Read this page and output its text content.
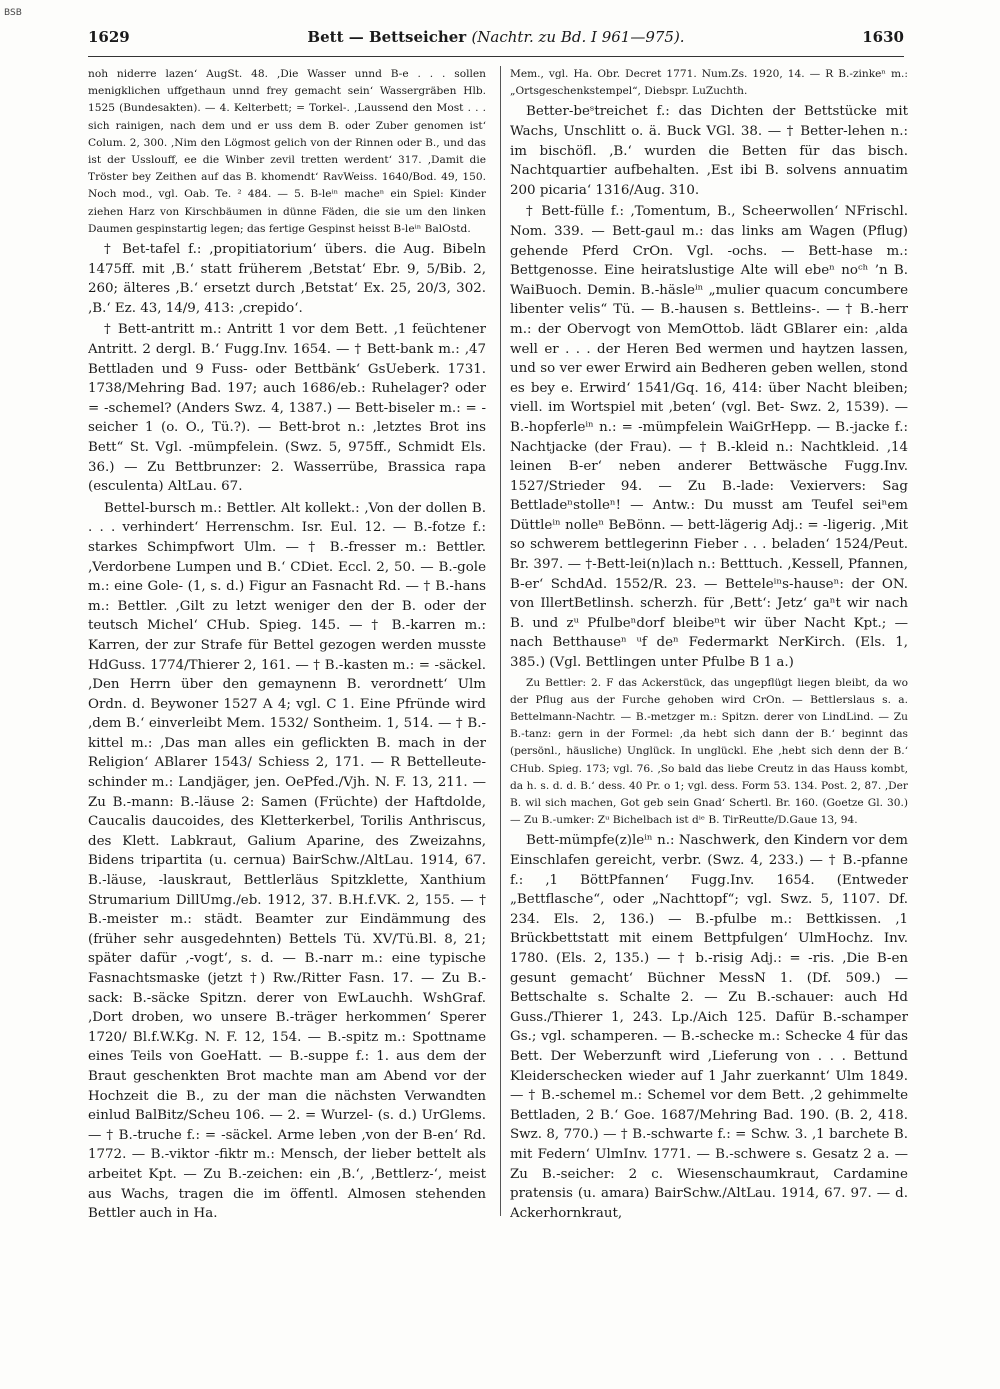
BSB
1629	Bett — Bettseicher (Nachtr. zu Bd. I 961—975).	1630

noh niderre lazen‘ AugSt. 48. ‚Die Wasser unnd B-e . . . sollen menigklichen uffgethaun unnd frey gemacht sein‘ Wassergräben Hlb. 1525 (Bundesakten). — 4. Kelterbett; = Torkel-. ‚Laussend den Most . . . sich rainigen, nach dem und er uss dem B. oder Zuber genomen ist‘ Colum. 2, 300. ‚Nim den Lögmost gelich von der Rinnen oder B., und das ist der Usslouff, ee die Winber zevil tretten werdent‘ 317. ‚Damit die Tröster bey Zeithen auf das B. khomendt‘ RavWeiss. 1640/Bod. 49, 150. Noch mod., vgl. Oab. Te. ² 484. — 5. B-leⁱⁿ macheⁿ ein Spiel: Kinder ziehen Harz von Kirschbäumen in dünne Fäden, die sie um den linken Daumen gespinstartig legen; das fertige Gespinst heisst B-leⁱⁿ BalOstd.

† Bet-tafel f.: ‚propitiatorium‘ übers. die Aug. Bibeln 1475ff. mit ‚B.‘ statt früherem ‚Betstat‘ Ebr. 9, 5/Bib. 2, 260; älteres ‚B.‘ ersetzt durch ‚Betstat‘ Ex. 25, 20/3, 302. ‚B.‘ Ez. 43, 14/9, 413: ‚crepido‘.

† Bett-antritt m.: Antritt 1 vor dem Bett. ‚1 feüchtener Antritt. 2 dergl. B.‘ Fugg.Inv. 1654. — † Bett-bank m.: ‚47 Bettladen und 9 Fuss- oder Bettbänk‘ GsUeberk. 1731. 1738/Mehring Bad. 197; auch 1686/eb.: Ruhelager? oder = -schemel? (Anders Swz. 4, 1387.) — Bett-biseler m.: = -seicher 1 (o. O., Tü.?). — Bett-brot n.: ‚letztes Brot ins Bett“ St. Vgl. -mümpfelein. (Swz. 5, 975ff., Schmidt Els. 36.) — Zu Bettbrunzer: 2. Wasserrübe, Brassica rapa (esculenta) AltLau. 67.

Bettel-bursch m.: Bettler. Alt kollekt.: ‚Von der dollen B. . . . verhindert‘ Herrenschm. Isr. Eul. 12. — B.-fotze f.: starkes Schimpfwort Ulm. — † B.-fresser m.: Bettler. ‚Verdorbene Lumpen und B.‘ CDiet. Eccl. 2, 50. — B.-gole m.: eine Gole- (1, s. d.) Figur an Fasnacht Rd. — † B.-hans m.: Bettler. ‚Gilt zu letzt weniger den der B. oder der teutsch Michel‘ CHub. Spieg. 145. — † B.-karren m.: Karren, der zur Strafe für Bettel gezogen werden musste HdGuss. 1774/Thierer 2, 161. — † B.-kasten m.: = -säckel. ‚Den Herrn über den gemaynenn B. verordnett‘ Ulm Ordn. d. Beywoner 1527 A 4; vgl. C 1. Eine Pfründe wird ‚dem B.‘ einverleibt Mem. 1532/ Sontheim. 1, 514. — † B.-kittel m.: ‚Das man alles ein geflickten B. mach in der Religion‘ ABlarer 1543/ Schiess 2, 171. — R Bettelleute-schinder m.: Landjäger, jen. OePfed./Vjh. N. F. 13, 211. — Zu B.-mann: B.-läuse 2: Samen (Früchte) der Haftdolde, Caucalis daucoides, des Kletterkerbel, Torilis Anthriscus, des Klett. Labkraut, Galium Aparine, des Zweizahns, Bidens tripartita (u. cernua) BairSchw./AltLau. 1914, 67. B.-läuse, -lauskraut, Bettlerläus Spitzklette, Xanthium Strumarium DillUmg./eb. 1912, 37. B.H.f.VK. 2, 155. — † B.-meister m.: städt. Beamter zur Eindämmung des (früher sehr ausgedehnten) Bettels Tü. XV/Tü.Bl. 8, 21; später dafür ‚-vogt‘, s. d. — B.-narr m.: eine typische Fasnachtsmaske (jetzt †) Rw./Ritter Fasn. 17. — Zu B.-sack: B.-säcke Spitzn. derer von EwLauchh. WshGraf. ‚Dort droben, wo unsere B.-träger herkommen‘ Sperer 1720/ Bl.f.W.Kg. N. F. 12, 154. — B.-spitz m.: Spottname eines Teils von GoeHatt. — B.-suppe f.: 1. aus dem der Braut geschenkten Brot machte man am Abend vor der Hochzeit die B., zu der man die nächsten Verwandten einlud BalBitz/Scheu 106. — 2. = Wurzel- (s. d.) UrGlems. — † B.-truche f.: = -säckel. Arme leben ‚von der B-en‘ Rd. 1772. — B.-viktor -fiktr m.: Mensch, der lieber bettelt als arbeitet Kpt. — Zu B.-zeichen: ein ‚B.‘, ‚Bettlerz-‘, meist aus Wachs, tragen die im öffentl. Almosen stehenden Bettler auch in Ha.

Mem., vgl. Ha. Obr. Decret 1771. Num.Zs. 1920, 14. — R B.-zinkeⁿ m.: „Ortsgeschenkstempel“, Diebspr. LuZuchth.

Better-beˢtreichet f.: das Dichten der Bettstücke mit Wachs, Unschlitt o. ä. Buck VGl. 38. — † Better-lehen n.: im bischöfl. ‚B.‘ wurden die Betten für das bisch. Nachtquartier aufbehalten. ‚Est ibi B. solvens annuatim 200 picaria‘ 1316/Aug. 310.

† Bett-fülle f.: ‚Tomentum, B., Scheerwollen‘ NFrischl. Nom. 339. — Bett-gaul m.: das links am Wagen (Pflug) gehende Pferd CrOn. Vgl. -ochs. — Bett-hase m.: Bettgenosse. Eine heiratslustige Alte will ebeⁿ noᶜʰ ’n B. WaiBuoch. Demin. B.-häsleⁱⁿ „mulier quacum concumbere libenter velis“ Tü. — B.-hausen s. Bettleins-. — † B.-herr m.: der Obervogt von MemOttob. lädt GBlarer ein: ‚alda well er . . . der Heren Bed wermen und haytzen lassen, und so ver ewer Erwird ain Bedheren geben wellen, stond es bey e. Erwird‘ 1541/Gq. 16, 414: über Nacht bleiben; viell. im Wortspiel mit ‚beten‘ (vgl. Bet- Swz. 2, 1539). — B.-hopferleⁱⁿ n.: = -mümpfelein WaiGrHepp. — B.-jacke f.: Nachtjacke (der Frau). — † B.-kleid n.: Nachtkleid. ‚14 leinen B-er‘ neben anderer Bettwäsche Fugg.Inv. 1527/Strieder 94. — Zu B.-lade: Vexiervers: Sag Bettladeⁿstolleⁿ! — Antw.: Du musst am Teufel seiⁿem Düttleⁱⁿ nolleⁿ BeBönn. — bett-lägerig Adj.: = -ligerig. ‚Mit so schwerem bettlegerinn Fieber . . . beladen‘ 1524/Peut. Br. 397. — †-Bett-lei(n)lach n.: Betttuch. ‚Kessell, Pfannen, B-er‘ SchdAd. 1552/R. 23. — Betteleⁱⁿs-hauseⁿ: der ON. von IllertBetlinsh. scherzh. für ‚Bett‘: Jetz‘ gaⁿt wir nach B. und zᵘ Pfulbeⁿdorf bleibeⁿt wir über Nacht Kpt.; — nach Betthauseⁿ ᵘf deⁿ Federmarkt NerKirch. (Els. 1, 385.) (Vgl. Bettlingen unter Pfulbe B 1 a.)

Zu Bettler: 2. F das Ackerstück, das ungepflügt liegen bleibt, da wo der Pflug aus der Furche gehoben wird CrOn. — Bettlerslaus s. a. Bettelmann-Nachtr. — B.-metzger m.: Spitzn. derer von LindLind. — Zu B.-tanz: gern in der Formel: ‚da hebt sich dann der B.‘ beginnt das (persönl., häusliche) Unglück. In unglückl. Ehe ‚hebt sich denn der B.‘ CHub. Spieg. 173; vgl. 76. ‚So bald das liebe Creutz in das Hauss kombt, da h. s. d. d. B.‘ dess. 40 Pr. o 1; vgl. dess. Form 53. 134. Post. 2, 87. ‚Der B. wil sich machen, Got geb sein Gnad‘ Schertl. Br. 160. (Goetze Gl. 30.) — Zu B.-umker: Zᵘ Bichelbach ist dⁱᵉ B. TirReutte/D.Gaue 13, 94.

Bett-mümpfe(z)leⁱⁿ n.: Naschwerk, den Kindern vor dem Einschlafen gereicht, verbr. (Swz. 4, 233.) — † B.-pfanne f.: ‚1 BöttPfannen‘ Fugg.Inv. 1654. (Entweder „Bettflasche“, oder „Nachttopf“; vgl. Swz. 5, 1107. Df. 234. Els. 2, 136.) — B.-pfulbe m.: Bettkissen. ‚1 Brückbettstatt mit einem Bettpfulgen‘ UlmHochz. Inv. 1780. (Els. 2, 135.) — † b.-risig Adj.: = -ris. ‚Die B-en gesunt gemacht‘ Büchner MessN 1. (Df. 509.) — Bettschalte s. Schalte 2. — Zu B.-schauer: auch Hd Guss./Thierer 1, 243. Lp./Aich 125. Dafür B.-schamper Gs.; vgl. schamperen. — B.-schecke m.: Schecke 4 für das Bett. Der Weberzunft wird ‚Lieferung von . . . Bettund Kleiderschecken wieder auf 1 Jahr zuerkannt‘ Ulm 1849. — † B.-schemel m.: Schemel vor dem Bett. ‚2 gehimmelte Bettladen, 2 B.‘ Goe. 1687/Mehring Bad. 190. (B. 2, 418. Swz. 8, 770.) — † B.-schwarte f.: = Schw. 3. ‚1 barchete B. mit Federn‘ UlmInv. 1771. — B.-schwere s. Gesatz 2 a. — Zu B.-seicher: 2 c. Wiesenschaumkraut, Cardamine pratensis (u. amara) BairSchw./AltLau. 1914, 67. 97. — d. Ackerhornkraut,
